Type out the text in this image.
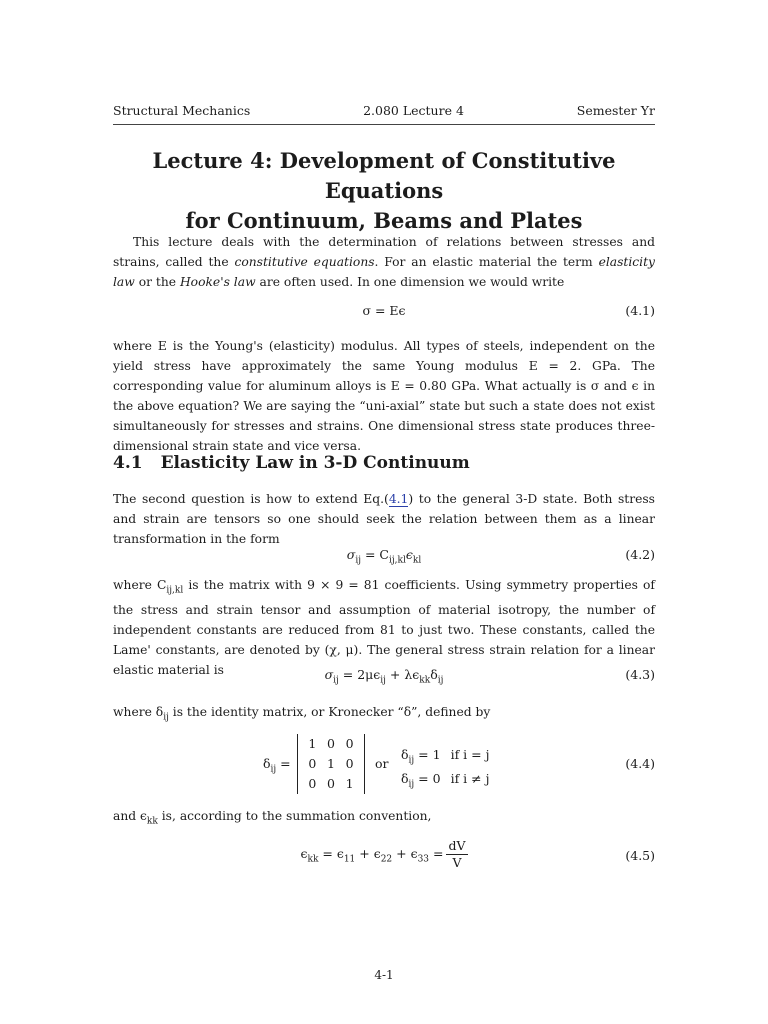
Structural Mechanics	2.080 Lecture 4	Semester Yr
Lecture 4: Development of Constitutive Equations
for Continuum, Beams and Plates

This lecture deals with the determination of relations between stresses and strains, called the constitutive equations. For an elastic material the term elasticity law or the Hooke's law are often used. In one dimension we would write

σ = Eϵ	(4.1)

where E is the Young's (elasticity) modulus. All types of steels, independent on the yield stress have approximately the same Young modulus E = 2. GPa. The corresponding value for aluminum alloys is E = 0.80 GPa. What actually is σ and ϵ in the above equation? We are saying the “uni-axial” state but such a state does not exist simultaneously for stresses and strains. One dimensional stress state produces three-dimensional strain state and vice versa.

4.1 Elasticity Law in 3-D Continuum

The second question is how to extend Eq.(4.1) to the general 3-D state. Both stress and strain are tensors so one should seek the relation between them as a linear transformation in the form

$\sigma_{ij} = C_{ij,kl}\epsilon_{kl}$	(4.2)

where $C_{ij,kl}$ is the matrix with 9 × 9 = 81 coefficients. Using symmetry properties of the stress and strain tensor and assumption of material isotropy, the number of independent constants are reduced from 81 to just two. These constants, called the Lame' constants, are denoted by (χ, μ). The general stress strain relation for a linear elastic material is	$\sigma_{ij} = 2\mu\epsilon_{ij} + \lambda\epsilon_{kk}\delta_{ij}$	(4.3)

where $\delta_{ij}$ is the identity matrix, or Kronecker “δ”, defined by

$\delta_{ij}$ =
1 0 0
0 1 0
0 0 1
or
$\delta_{ij} = 1$ if i = j
$\delta_{ij} = 0$ if i ≠ j
(4.4)

and $\epsilon_{kk}$ is, according to the summation convention,

$\epsilon_{kk} = \epsilon_{11} + \epsilon_{22} + \epsilon_{33} = \frac{dV}{V}$	(4.5)
4-1
